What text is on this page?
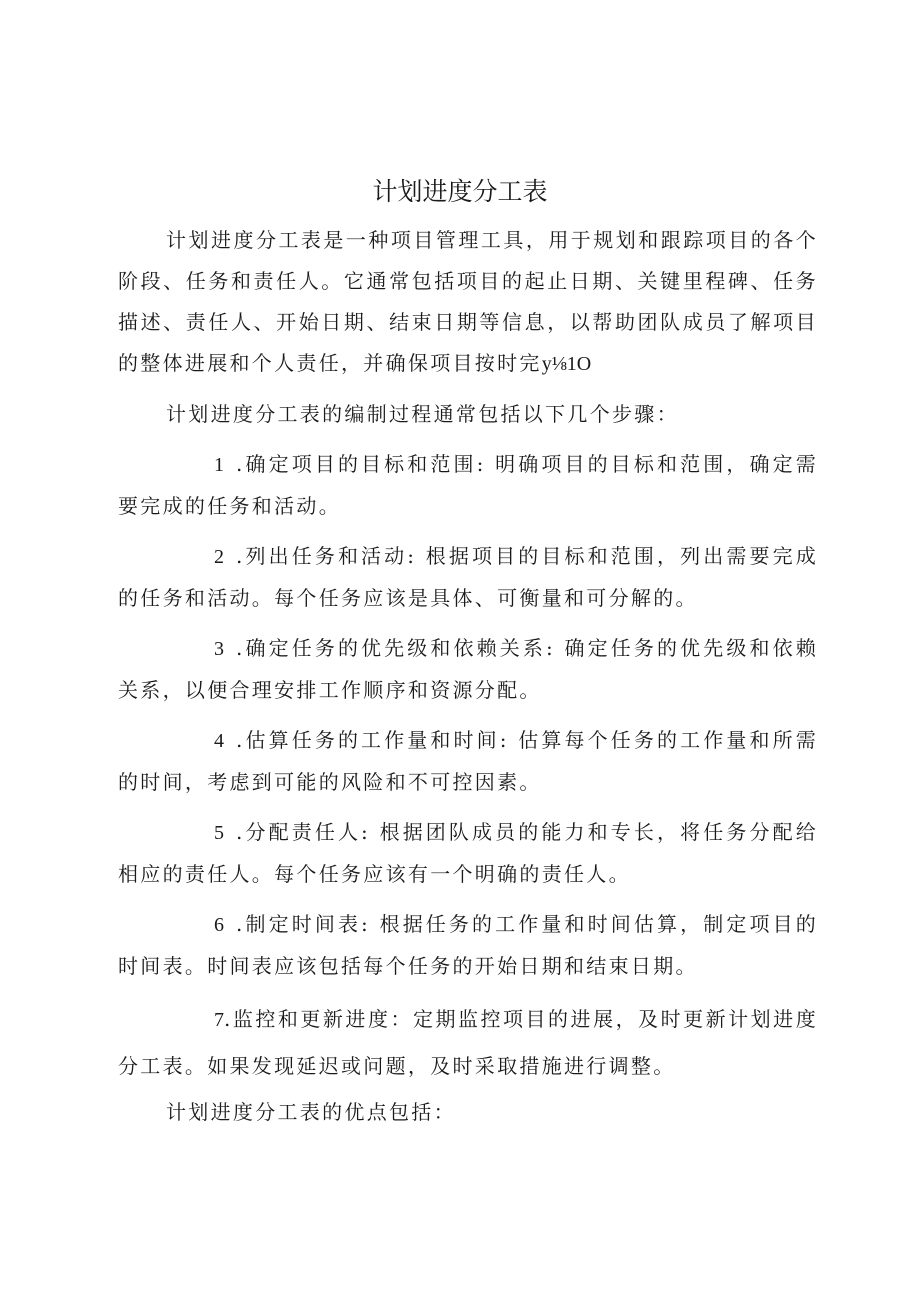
计划进度分工表

计划进度分工表是一种项目管理工具，用于规划和跟踪项目的各个阶段、任务和责任人。它通常包括项目的起止日期、关键里程碑、任务描述、责任人、开始日期、结束日期等信息，以帮助团队成员了解项目的整体进展和个人责任，并确保项目按时完y⅛1O

计划进度分工表的编制过程通常包括以下几个步骤：

1 .确定项目的目标和范围: 明确项目的目标和范围，确定需要完成的任务和活动。

2 .列出任务和活动: 根据项目的目标和范围，列出需要完成的任务和活动。每个任务应该是具体、可衡量和可分解的。

3 .确定任务的优先级和依赖关系: 确定任务的优先级和依赖关系，以便合理安排工作顺序和资源分配。

4 .估算任务的工作量和时间: 估算每个任务的工作量和所需的时间，考虑到可能的风险和不可控因素。

5 .分配责任人: 根据团队成员的能力和专长，将任务分配给相应的责任人。每个任务应该有一个明确的责任人。

6 .制定时间表: 根据任务的工作量和时间估算，制定项目的时间表。时间表应该包括每个任务的开始日期和结束日期。

7.监控和更新进度：定期监控项目的进展，及时更新计划进度分工表。如果发现延迟或问题，及时采取措施进行调整。

计划进度分工表的优点包括：
